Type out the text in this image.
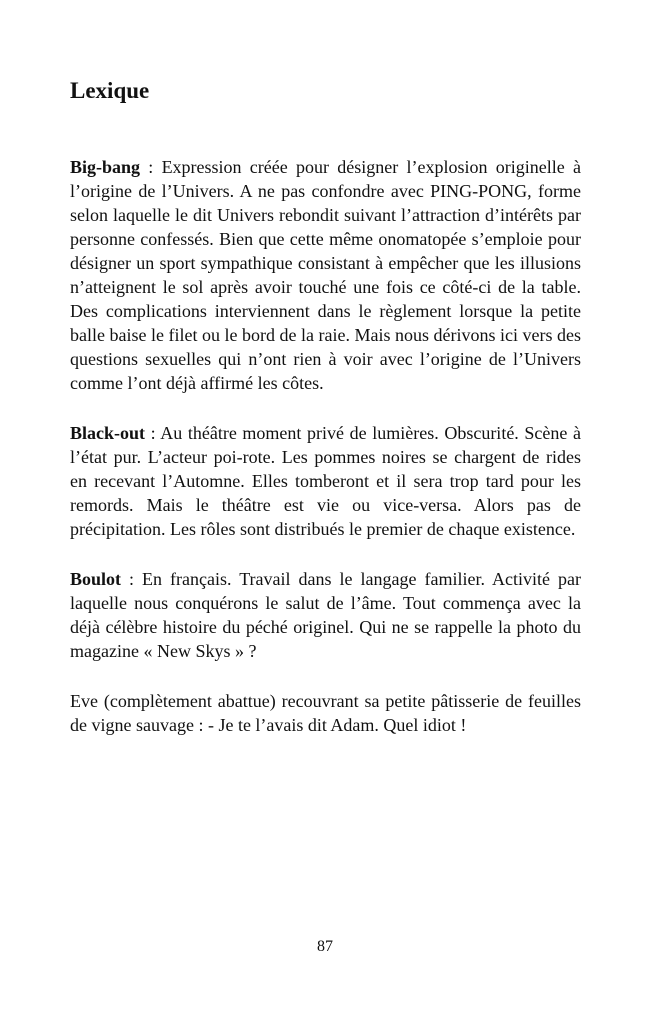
Lexique

Big-bang : Expression créée pour désigner l’explosion originelle à l’origine de l’Univers. A ne pas confondre avec PING-PONG, forme selon laquelle le dit Univers rebondit suivant l’attraction d’intérêts par personne confessés. Bien que cette même onomatopée s’emploie pour désigner un sport sympathique consistant à empêcher que les illusions n’atteignent le sol après avoir touché une fois ce côté-ci de la table. Des complications interviennent dans le règlement lorsque la petite balle baise le filet ou le bord de la raie. Mais nous dérivons ici vers des questions sexuelles qui n’ont rien à voir avec l’origine de l’Univers comme l’ont déjà affirmé les côtes.

Black-out : Au théâtre moment privé de lumières. Obscurité. Scène à l’état pur. L’acteur poi-rote. Les pommes noires se chargent de rides en recevant l’Automne. Elles tomberont et il sera trop tard pour les remords. Mais le théâtre est vie ou vice-versa. Alors pas de précipitation. Les rôles sont distribués le premier de chaque existence.

Boulot : En français. Travail dans le langage familier. Activité par laquelle nous conquérons le salut de l’âme. Tout commença avec la déjà célèbre histoire du péché originel. Qui ne se rappelle la photo du magazine « New Skys » ?

Eve (complètement abattue) recouvrant sa petite pâtisserie de feuilles de vigne sauvage : - Je te l’avais dit Adam. Quel idiot !

87
